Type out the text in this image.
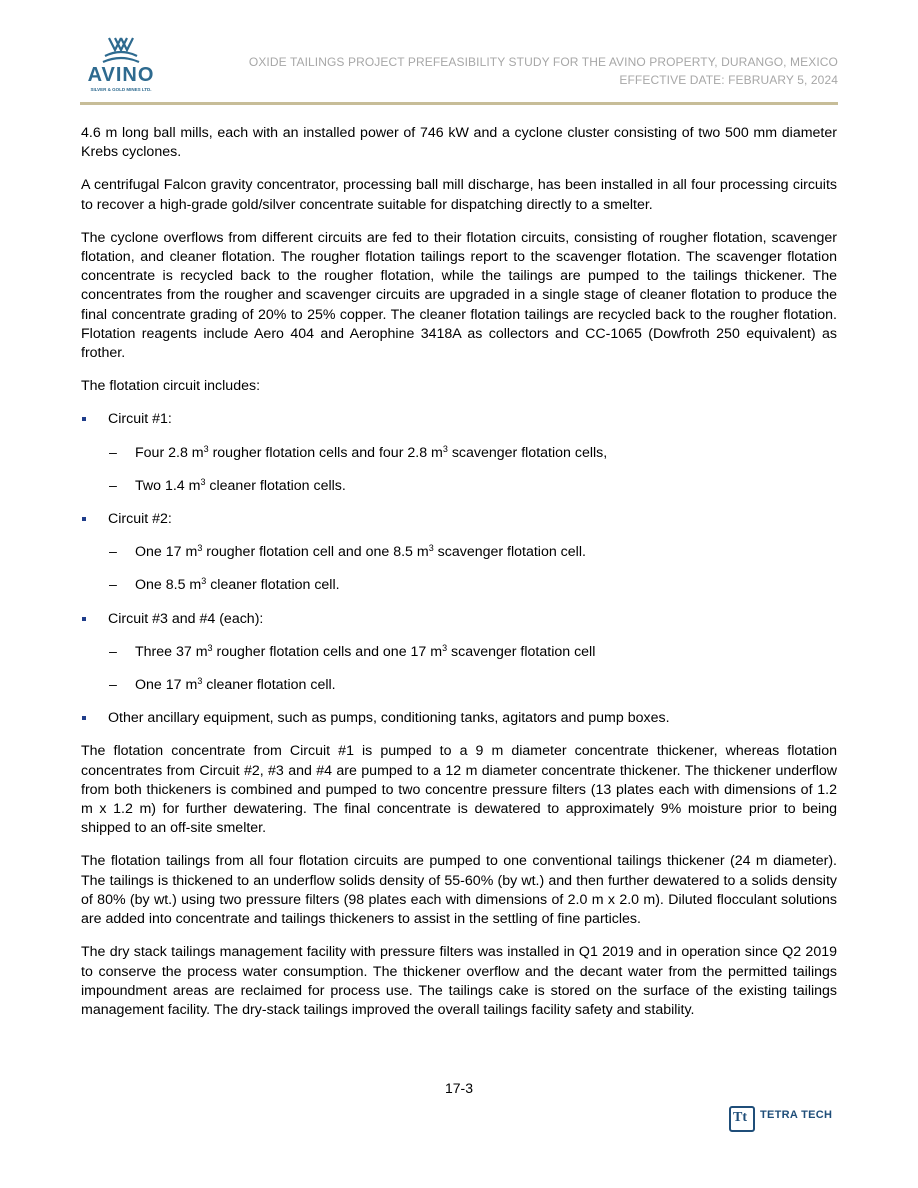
AVINO
SILVER & GOLD MINES LTD.
OXIDE TAILINGS PROJECT PREFEASIBILITY STUDY FOR THE AVINO PROPERTY, DURANGO, MEXICO
EFFECTIVE DATE: FEBRUARY 5, 2024

4.6 m long ball mills, each with an installed power of 746 kW and a cyclone cluster consisting of two 500 mm diameter Krebs cyclones.

A centrifugal Falcon gravity concentrator, processing ball mill discharge, has been installed in all four processing circuits to recover a high-grade gold/silver concentrate suitable for dispatching directly to a smelter.

The cyclone overflows from different circuits are fed to their flotation circuits, consisting of rougher flotation, scavenger flotation, and cleaner flotation. The rougher flotation tailings report to the scavenger flotation. The scavenger flotation concentrate is recycled back to the rougher flotation, while the tailings are pumped to the tailings thickener. The concentrates from the rougher and scavenger circuits are upgraded in a single stage of cleaner flotation to produce the final concentrate grading of 20% to 25% copper. The cleaner flotation tailings are recycled back to the rougher flotation. Flotation reagents include Aero 404 and Aerophine 3418A as collectors and CC-1065 (Dowfroth 250 equivalent) as frother.

The flotation circuit includes:

Circuit #1:
– Four 2.8 $m^3$ rougher flotation cells and four 2.8 $m^3$ scavenger flotation cells,
– Two 1.4 $m^3$ cleaner flotation cells.
Circuit #2:
– One 17 $m^3$ rougher flotation cell and one 8.5 $m^3$ scavenger flotation cell.
– One 8.5 $m^3$ cleaner flotation cell.
Circuit #3 and #4 (each):
– Three 37 $m^3$ rougher flotation cells and one 17 $m^3$ scavenger flotation cell
– One 17 $m^3$ cleaner flotation cell.
Other ancillary equipment, such as pumps, conditioning tanks, agitators and pump boxes.

The flotation concentrate from Circuit #1 is pumped to a 9 m diameter concentrate thickener, whereas flotation concentrates from Circuit #2, #3 and #4 are pumped to a 12 m diameter concentrate thickener. The thickener underflow from both thickeners is combined and pumped to two concentre pressure filters (13 plates each with dimensions of 1.2 m x 1.2 m) for further dewatering. The final concentrate is dewatered to approximately 9% moisture prior to being shipped to an off-site smelter.

The flotation tailings from all four flotation circuits are pumped to one conventional tailings thickener (24 m diameter). The tailings is thickened to an underflow solids density of 55-60% (by wt.) and then further dewatered to a solids density of 80% (by wt.) using two pressure filters (98 plates each with dimensions of 2.0 m x 2.0 m). Diluted flocculant solutions are added into concentrate and tailings thickeners to assist in the settling of fine particles.

The dry stack tailings management facility with pressure filters was installed in Q1 2019 and in operation since Q2 2019 to conserve the process water consumption. The thickener overflow and the decant water from the permitted tailings impoundment areas are reclaimed for process use. The tailings cake is stored on the surface of the existing tailings management facility. The dry-stack tailings improved the overall tailings facility safety and stability.

17-3
Tt TETRA TECH
